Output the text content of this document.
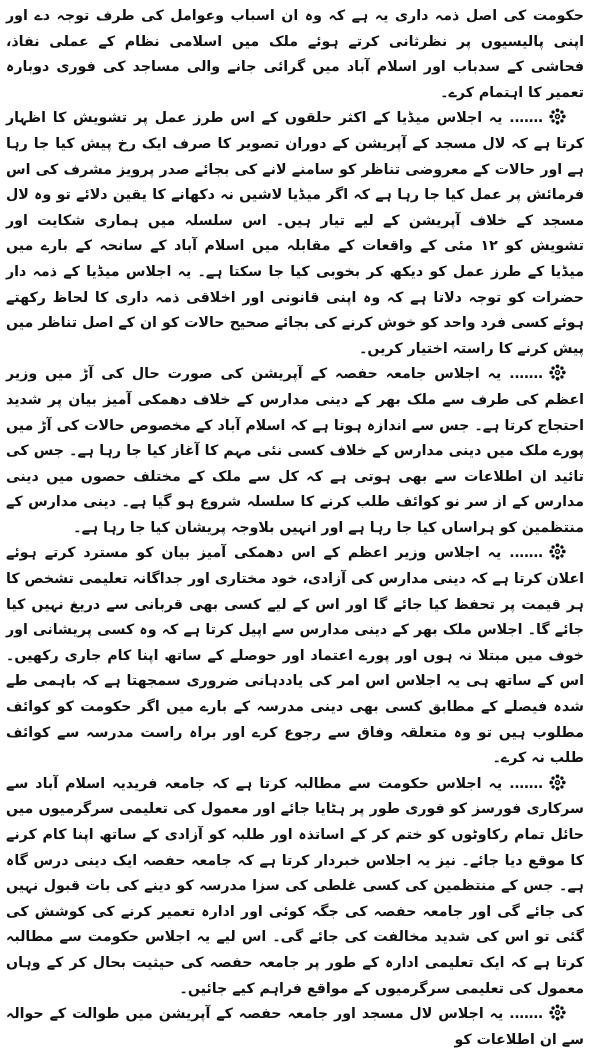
حکومت کی اصل ذمہ داری یہ ہے کہ وہ ان اسباب وعوامل کی طرف توجہ دے اور اپنی پالیسیوں پر نظرثانی کرتے ہوئے ملک میں اسلامی نظام کے عملی نفاذ، فحاشی کے سدباب اور اسلام آباد میں گرائی جانے والی مساجد کی فوری دوبارہ تعمیر کا اہتمام کرے۔

……. یہ اجلاس میڈیا کے اکثر حلقوں کے اس طرز عمل پر تشویش کا اظہار کرتا ہے کہ لال مسجد کے آپریشن کے دوران تصویر کا صرف ایک رخ پیش کیا جا رہا ہے اور حالات کے معروضی تناظر کو سامنے لانے کی بجائے صدر پرویز مشرف کی اس فرمائش پر عمل کیا جا رہا ہے کہ اگر میڈیا لاشیں نہ دکھانے کا یقین دلائے تو وہ لال مسجد کے خلاف آپریشن کے لیے تیار ہیں۔ اس سلسلہ میں ہماری شکایت اور تشویش کو ۱۲ مئی کے واقعات کے مقابلہ میں اسلام آباد کے سانحہ کے بارے میں میڈیا کے طرز عمل کو دیکھ کر بخوبی کیا جا سکتا ہے۔ یہ اجلاس میڈیا کے ذمہ دار حضرات کو توجہ دلاتا ہے کہ وہ اپنی قانونی اور اخلاقی ذمہ داری کا لحاظ رکھتے ہوئے کسی فرد واحد کو خوش کرنے کی بجائے صحیح حالات کو ان کے اصل تناظر میں پیش کرنے کا راستہ اختیار کریں۔

……. یہ اجلاس جامعہ حفصہ کے آپریشن کی صورت حال کی آڑ میں وزیر اعظم کی طرف سے ملک بھر کے دینی مدارس کے خلاف دھمکی آمیز بیان پر شدید احتجاج کرتا ہے۔ جس سے اندازہ ہوتا ہے کہ اسلام آباد کے مخصوص حالات کی آڑ میں پورے ملک میں دینی مدارس کے خلاف کسی نئی مہم کا آغاز کیا جا رہا ہے۔ جس کی تائید ان اطلاعات سے بھی ہوتی ہے کہ کل سے ملک کے مختلف حصوں میں دینی مدارس کے از سر نو کوائف طلب کرنے کا سلسلہ شروع ہو گیا ہے۔ دینی مدارس کے منتظمین کو ہراساں کیا جا رہا ہے اور انہیں بلاوجہ پریشان کیا جا رہا ہے۔

……. یہ اجلاس وزیر اعظم کے اس دھمکی آمیز بیان کو مسترد کرتے ہوئے اعلان کرتا ہے کہ دینی مدارس کی آزادی، خود مختاری اور جداگانہ تعلیمی تشخص کا ہر قیمت پر تحفظ کیا جائے گا اور اس کے لیے کسی بھی قربانی سے دریغ نہیں کیا جائے گا۔ اجلاس ملک بھر کے دینی مدارس سے اپیل کرتا ہے کہ وہ کسی پریشانی اور خوف میں مبتلا نہ ہوں اور پورے اعتماد اور حوصلے کے ساتھ اپنا کام جاری رکھیں۔ اس کے ساتھ ہی یہ اجلاس اس امر کی یاددہانی ضروری سمجھتا ہے کہ باہمی طے شدہ فیصلے کے مطابق کسی بھی دینی مدرسہ کے بارے میں اگر حکومت کو کوائف مطلوب ہیں تو وہ متعلقہ وفاق سے رجوع کرے اور براہ راست مدرسہ سے کوائف طلب نہ کرے۔

……. یہ اجلاس حکومت سے مطالبہ کرتا ہے کہ جامعہ فریدیہ اسلام آباد سے سرکاری فورسز کو فوری طور پر ہٹایا جائے اور معمول کی تعلیمی سرگرمیوں میں حائل تمام رکاوٹوں کو ختم کر کے اساتذہ اور طلبہ کو آزادی کے ساتھ اپنا کام کرنے کا موقع دیا جائے۔ نیز یہ اجلاس خبردار کرتا ہے کہ جامعہ حفصہ ایک دینی درس گاہ ہے۔ جس کے منتظمین کی کسی غلطی کی سزا مدرسہ کو دینے کی بات قبول نہیں کی جائے گی اور جامعہ حفصہ کی جگہ کوئی اور ادارہ تعمیر کرنے کی کوشش کی گئی تو اس کی شدید مخالفت کی جائے گی۔ اس لیے یہ اجلاس حکومت سے مطالبہ کرتا ہے کہ ایک تعلیمی ادارہ کے طور پر جامعہ حفصہ کی حیثیت بحال کر کے وہاں معمول کی تعلیمی سرگرمیوں کے مواقع فراہم کیے جائیں۔

……. یہ اجلاس لال مسجد اور جامعہ حفصہ کے آپریشن میں طوالت کے حوالہ سے ان اطلاعات کو
